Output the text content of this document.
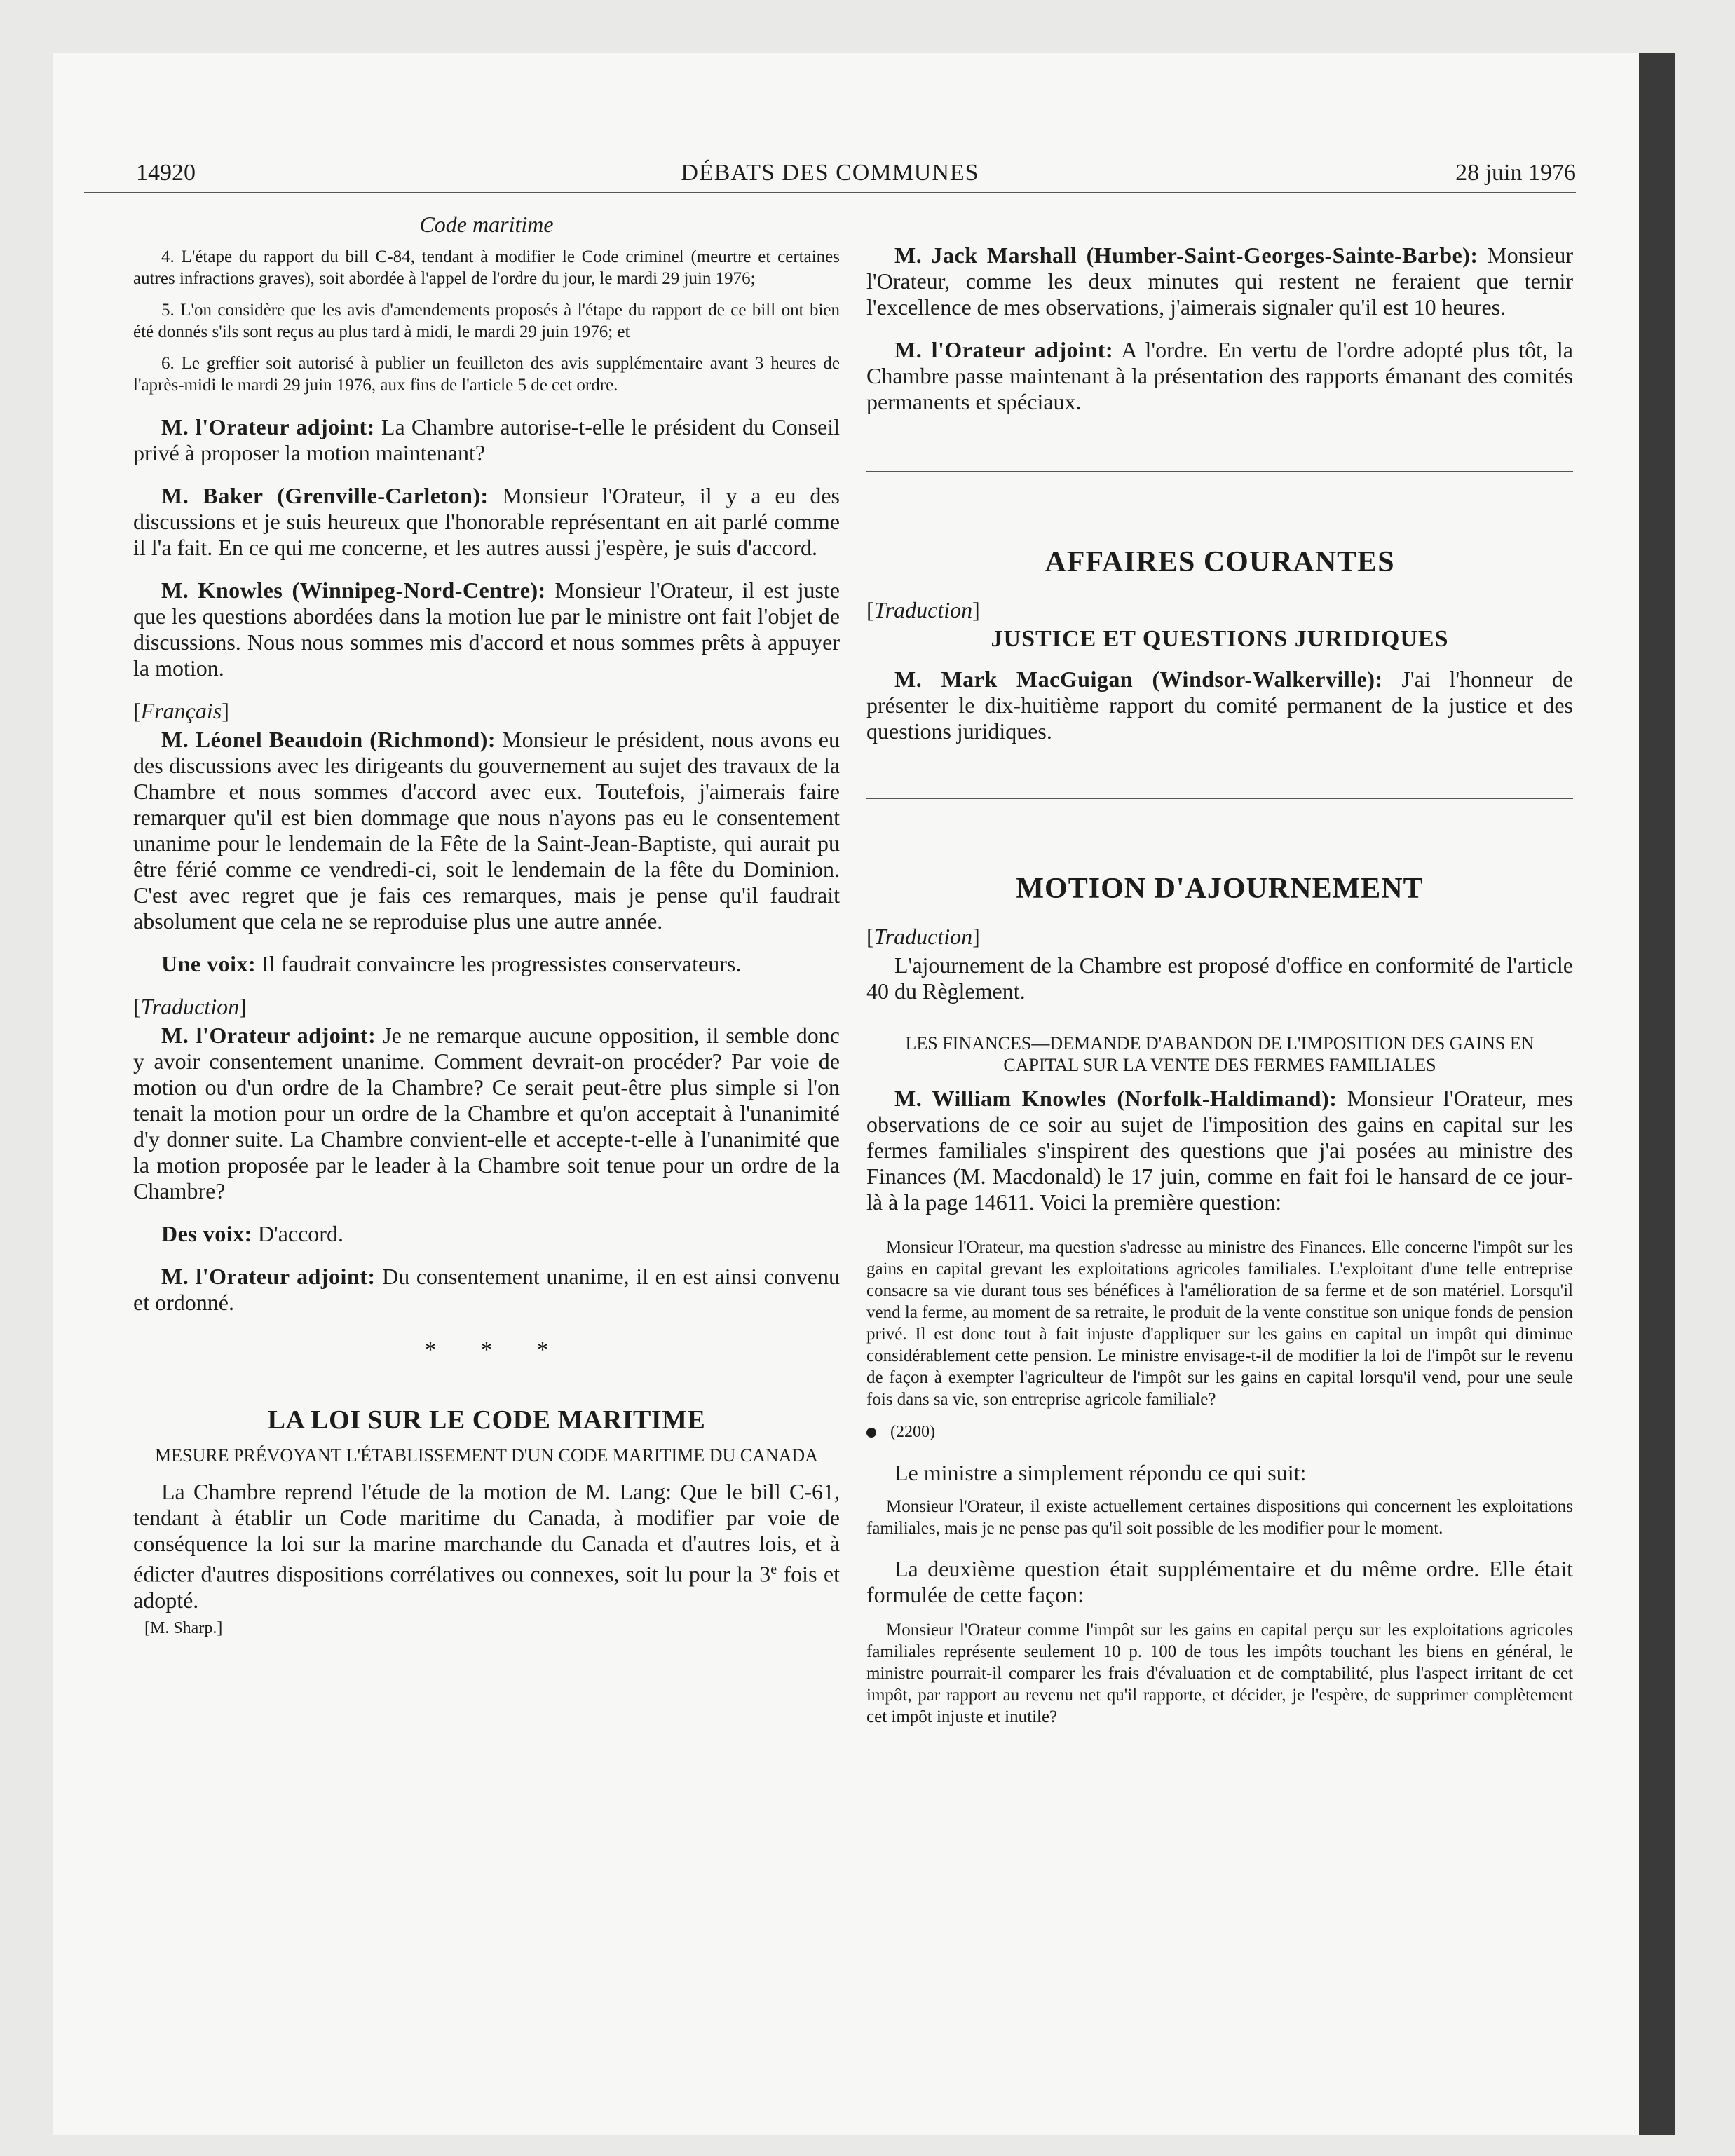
14920	DÉBATS DES COMMUNES	28 juin 1976
Code maritime

4. L'étape du rapport du bill C-84, tendant à modifier le Code criminel (meurtre et certaines autres infractions graves), soit abordée à l'appel de l'ordre du jour, le mardi 29 juin 1976;

5. L'on considère que les avis d'amendements proposés à l'étape du rapport de ce bill ont bien été donnés s'ils sont reçus au plus tard à midi, le mardi 29 juin 1976; et

6. Le greffier soit autorisé à publier un feuilleton des avis supplémentaire avant 3 heures de l'après-midi le mardi 29 juin 1976, aux fins de l'article 5 de cet ordre.

M. l'Orateur adjoint: La Chambre autorise-t-elle le président du Conseil privé à proposer la motion maintenant?

M. Baker (Grenville-Carleton): Monsieur l'Orateur, il y a eu des discussions et je suis heureux que l'honorable représentant en ait parlé comme il l'a fait. En ce qui me concerne, et les autres aussi j'espère, je suis d'accord.

M. Knowles (Winnipeg-Nord-Centre): Monsieur l'Orateur, il est juste que les questions abordées dans la motion lue par le ministre ont fait l'objet de discussions. Nous nous sommes mis d'accord et nous sommes prêts à appuyer la motion.

[Français]

M. Léonel Beaudoin (Richmond): Monsieur le président, nous avons eu des discussions avec les dirigeants du gouvernement au sujet des travaux de la Chambre et nous sommes d'accord avec eux. Toutefois, j'aimerais faire remarquer qu'il est bien dommage que nous n'ayons pas eu le consentement unanime pour le lendemain de la Fête de la Saint-Jean-Baptiste, qui aurait pu être férié comme ce vendredi-ci, soit le lendemain de la fête du Dominion. C'est avec regret que je fais ces remarques, mais je pense qu'il faudrait absolument que cela ne se reproduise plus une autre année.

Une voix: Il faudrait convaincre les progressistes conservateurs.

[Traduction]

M. l'Orateur adjoint: Je ne remarque aucune opposition, il semble donc y avoir consentement unanime. Comment devrait-on procéder? Par voie de motion ou d'un ordre de la Chambre? Ce serait peut-être plus simple si l'on tenait la motion pour un ordre de la Chambre et qu'on acceptait à l'unanimité d'y donner suite. La Chambre convient-elle et accepte-t-elle à l'unanimité que la motion proposée par le leader à la Chambre soit tenue pour un ordre de la Chambre?

Des voix: D'accord.

M. l'Orateur adjoint: Du consentement unanime, il en est ainsi convenu et ordonné.

* * *
LA LOI SUR LE CODE MARITIME
MESURE PRÉVOYANT L'ÉTABLISSEMENT D'UN CODE MARITIME DU CANADA

La Chambre reprend l'étude de la motion de M. Lang: Que le bill C-61, tendant à établir un Code maritime du Canada, à modifier par voie de conséquence la loi sur la marine marchande du Canada et d'autres lois, et à édicter d'autres dispositions corrélatives ou connexes, soit lu pour la 3e fois et adopté.

[M. Sharp.]

M. Jack Marshall (Humber-Saint-Georges-Sainte-Barbe): Monsieur l'Orateur, comme les deux minutes qui restent ne feraient que ternir l'excellence de mes observations, j'aimerais signaler qu'il est 10 heures.

M. l'Orateur adjoint: A l'ordre. En vertu de l'ordre adopté plus tôt, la Chambre passe maintenant à la présentation des rapports émanant des comités permanents et spéciaux.

AFFAIRES COURANTES
[Traduction]
JUSTICE ET QUESTIONS JURIDIQUES

M. Mark MacGuigan (Windsor-Walkerville): J'ai l'honneur de présenter le dix-huitième rapport du comité permanent de la justice et des questions juridiques.

MOTION D'AJOURNEMENT
[Traduction]

L'ajournement de la Chambre est proposé d'office en conformité de l'article 40 du Règlement.

LES FINANCES—DEMANDE D'ABANDON DE L'IMPOSITION DES GAINS EN CAPITAL SUR LA VENTE DES FERMES FAMILIALES

M. William Knowles (Norfolk-Haldimand): Monsieur l'Orateur, mes observations de ce soir au sujet de l'imposition des gains en capital sur les fermes familiales s'inspirent des questions que j'ai posées au ministre des Finances (M. Macdonald) le 17 juin, comme en fait foi le hansard de ce jour-là à la page 14611. Voici la première question:

Monsieur l'Orateur, ma question s'adresse au ministre des Finances. Elle concerne l'impôt sur les gains en capital grevant les exploitations agricoles familiales. L'exploitant d'une telle entreprise consacre sa vie durant tous ses bénéfices à l'amélioration de sa ferme et de son matériel. Lorsqu'il vend la ferme, au moment de sa retraite, le produit de la vente constitue son unique fonds de pension privé. Il est donc tout à fait injuste d'appliquer sur les gains en capital un impôt qui diminue considérablement cette pension. Le ministre envisage-t-il de modifier la loi de l'impôt sur le revenu de façon à exempter l'agriculteur de l'impôt sur les gains en capital lorsqu'il vend, pour une seule fois dans sa vie, son entreprise agricole familiale?

(2200)

Le ministre a simplement répondu ce qui suit:

Monsieur l'Orateur, il existe actuellement certaines dispositions qui concernent les exploitations familiales, mais je ne pense pas qu'il soit possible de les modifier pour le moment.

La deuxième question était supplémentaire et du même ordre. Elle était formulée de cette façon:

Monsieur l'Orateur comme l'impôt sur les gains en capital perçu sur les exploitations agricoles familiales représente seulement 10 p. 100 de tous les impôts touchant les biens en général, le ministre pourrait-il comparer les frais d'évaluation et de comptabilité, plus l'aspect irritant de cet impôt, par rapport au revenu net qu'il rapporte, et décider, je l'espère, de supprimer complètement cet impôt injuste et inutile?
